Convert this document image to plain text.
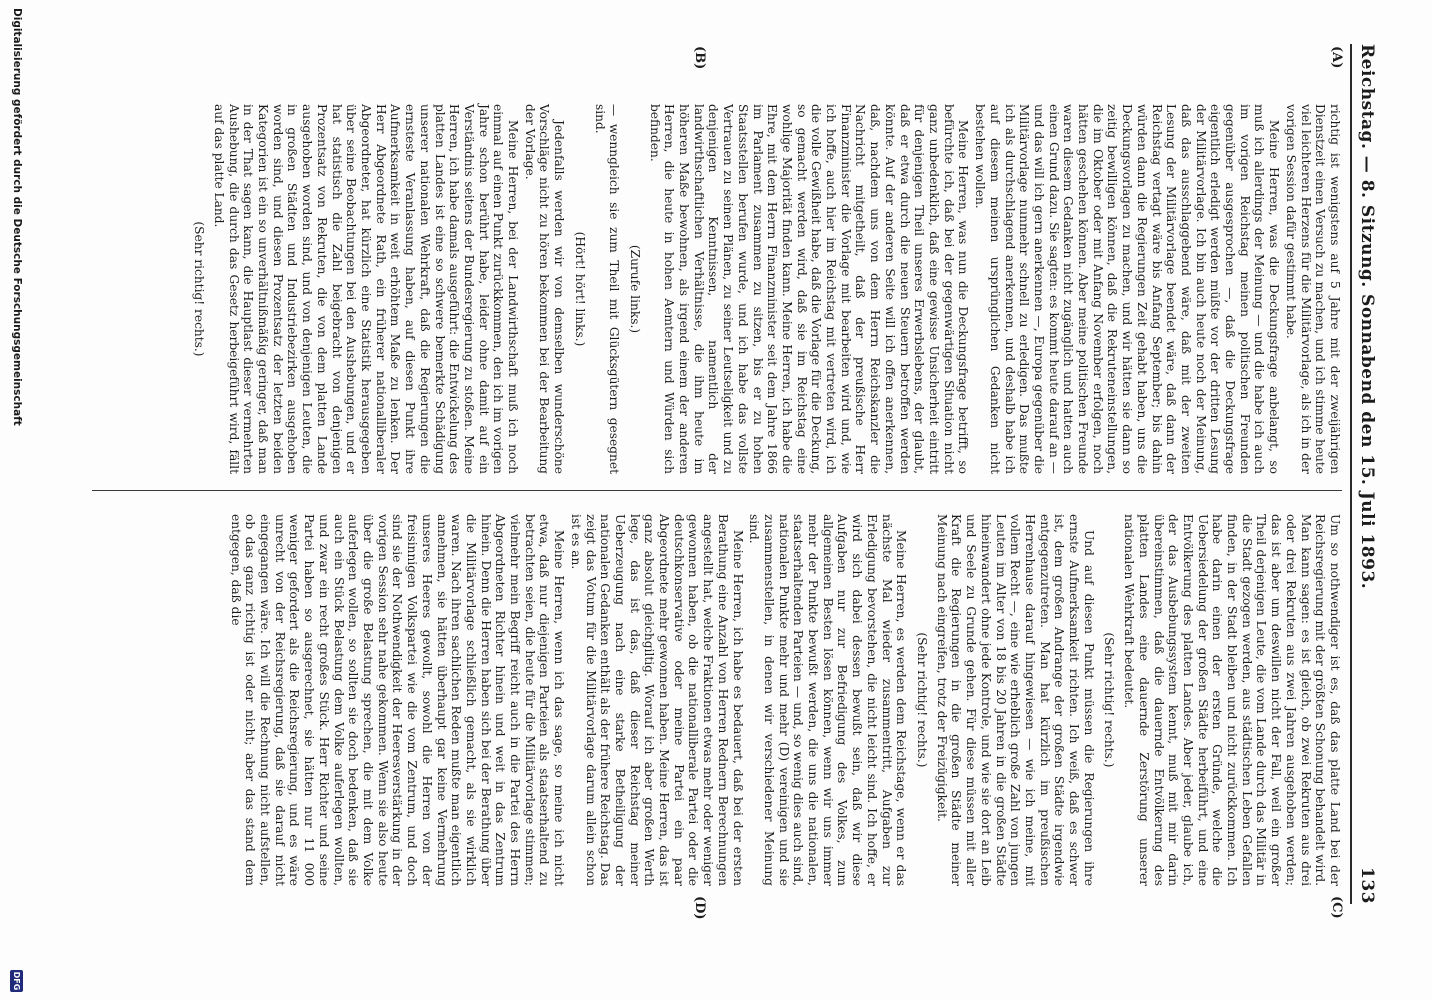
Reichstag. — 8. Sitzung. Sonnabend den 15. Juli 1893.
133
(A)
(B)
(C)
(D)

richtig ist wenigstens auf 5 Jahre mit der zweijährigen Dienstzeit einen Versuch zu machen, und ich stimme heute viel leichteren Herzens für die Militärvorlage, als ich in der vorigen Session dafür gestimmt habe.

Meine Herren, was die Deckungsfrage anbelangt, so muß ich allerdings der Meinung — und die habe ich auch im vorigen Reichstag meinen politischen Freunden gegenüber ausgesprochen —, daß die Deckungsfrage eigentlich erledigt werden müßte vor der dritten Lesung der Militärvorlage. Ich bin auch heute noch der Meinung, daß das ausschlaggebend wäre, daß mit der zweiten Lesung der Militärvorlage beendet wäre, daß dann der Reichstag vertagt wäre bis Anfang September; bis dahin würden dann die Regierungen Zeit gehabt haben, uns die Deckungsvorlagen zu machen, und wir hätten sie dann so zeitig bewilligen können, daß die Rekruteneinstellungen, die im Oktober oder mit Anfang November erfolgen, noch hätten geschehen können. Aber meine politischen Freunde waren diesem Gedanken nicht zugänglich und hatten auch einen Grund dazu. Sie sagten: es kommt heute darauf an — und das will ich gern anerkennen —, Europa gegenüber die Militärvorlage nunmehr schnell zu erledigen. Das mußte ich als durchschlagend anerkennen, und deshalb habe ich auf diesem meinen ursprünglichen Gedanken nicht bestehen wollen.

Meine Herren, was nun die Deckungsfrage betrifft, so befürchte ich, daß bei der gegenwärtigen Situation nicht ganz unbedenklich, daß eine gewisse Unsicherheit eintritt für denjenigen Theil unseres Erwerbslebens, der glaubt, daß er etwa durch die neuen Steuern betroffen werden könnte. Auf der anderen Seite will ich offen anerkennen, daß, nachdem uns von dem Herrn Reichskanzler die Nachricht mitgetheilt, daß der preußische Herr Finanzminister die Vorlage mit bearbeiten wird und, wie ich hoffe, auch hier im Reichstag mit vertreten wird, ich die volle Gewißheit habe, daß die Vorlage für die Deckung, so gemacht werden wird, daß sie im Reichstag eine wohlige Majorität finden kann. Meine Herren, ich habe die Ehre, mit dem Herrn Finanzminister seit dem Jahre 1866 im Parlament zusammen zu sitzen, bis er zu hohen Staatsstellen berufen wurde, und ich habe das vollste Vertrauen zu seinen Plänen, zu seiner Leutseligkeit und zu denjenigen Kenntnissen, namentlich der landwirthschaftlichen Verhältnisse, die ihm heute im höheren Maße bewohnen, als irgend einem der anderen Herren, die heute in hohen Aemtern und Würden sich befinden.

(Zurufe links.)

— wenngleich sie zum Theil mit Glücksgütern gesegnet sind.

(Hört! hört! links.)

Jedenfalls werden wir von demselben wunderschöne Vorschläge nicht zu hören bekommen bei der Bearbeitung der Vorlage.

Meine Herren, bei der Landwirthschaft muß ich noch einmal auf einen Punkt zurückkommen, den ich im vorigen Jahre schon berührt habe, leider ohne damit auf ein Verständnis seitens der Bundesregierung zu stoßen. Meine Herren, ich habe damals ausgeführt: die Entwickelung des platten Landes ist eine so schwere bemerkte Schädigung unserer nationalen Wehrkraft, daß die Regierungen die ernsteste Veranlassung haben, auf diesen Punkt ihre Aufmerksamkeit in weit erhöhtem Maße zu lenken. Der Herr Abgeordnete Rath, ein früherer nationalliberaler Abgeordneter, hat kürzlich eine Statistik herausgegeben über seine Beobachtungen bei den Aushebungen, und er hat statistisch die Zahl beigebracht von denjenigen Prozentsatz von Rekruten, die von dem platten Lande ausgehoben worden sind, und von denjenigen Leuten, die in großen Städten und Industriebezirken ausgehoben worden sind, und diesen Prozentsatz der letzten beiden Kategorien ist ein so unverhältnißmäßig geringer, daß man in der That sagen kann, die Hauptlast dieser vermehrten Aushebung, die durch das Gesetz herbeigeführt wird, fällt auf das platte Land.

(Sehr richtig! rechts.)

Um so nothwendiger ist es, daß das platte Land bei der Reichsregierung mit der größten Schonung behandelt wird. Man kann sagen: es ist gleich, ob zwei Rekruten aus drei oder drei Rekruten aus zwei Jahren ausgehoben werden; das ist aber um deswillen nicht der Fall, weil ein großer Theil derjenigen Leute, die vom Lande durch das Militär in die Stadt gezogen werden, aus städtischen Leben Gefallen finden, in der Stadt bleiben und nicht zurückkommen. Ich habe darin einen der ersten Gründe, welche die Uebersiedelung der großen Städte herbeiführt, und eine Entvölkerung des platten Landes. Aber jeder, glaube ich, der das Ausbebungssystem kennt, muß mit mir darin übereinstimmen, daß die dauernde Entvölkerung des platten Landes eine dauernde Zerstörung unserer nationalen Wehrkraft bedeutet.

(Sehr richtig! rechts.)

Und auf diesen Punkt müssen die Regierungen ihre ernste Aufmerksamkeit richten. Ich weiß, daß es schwer ist, dem großen Andrange der großen Städte irgendwie entgegenzutreten. Man hat kürzlich im preußischen Herrenhause darauf hingewiesen — wie ich meine, mit vollem Recht —, eine wie erheblich große Zahl von jungen Leuten im Alter von 18 bis 20 Jahren in die großen Städte hineinwandert ohne jede Kontrole, und wie sie dort an Leib und Seele zu Grunde gehen. Für diese müssen mit aller Kraft die Regierungen in die großen Städte meiner Meinung nach eingreifen, trotz der Freizügigkeit.

(Sehr richtig! rechts.)

Meine Herren, es werden dem Reichstage, wenn er das nächste Mal wieder zusammentritt, Aufgaben zur Erledigung bevorstehen, die nicht leicht sind. Ich hoffe, er wird sich dabei dessen bewußt sein, daß wir diese Aufgaben nur zur Befriedigung des Volkes, zum allgemeinen Besten lösen können, wenn wir uns immer mehr der Punkte bewußt werden, die uns die nationalen, staatserhaltenden Parteien — und, so wenig dies auch sind, nationalen Punkte mehr und mehr (D) vereinigen und sie zusammenstellen, in denen wir verschiedener Meinung sind.

Meine Herren, ich habe es bedauert, daß bei der ersten Berathung eine Anzahl von Herren Rednern Berechnungen angestellt hat, welche Fraktionen etwas mehr oder weniger gewonnen haben, ob die nationalliberale Partei oder die deutschkonservative oder meine Partei ein paar Abgeordnete mehr gewonnen haben. Meine Herren, das ist ganz absolut gleichgiltig. Worauf ich aber großen Werth lege, das ist das, daß dieser Reichstag meiner Ueberzeugung nach eine starke Betheiligung der nationalen Gedanken enthält als der frühere Reichstag. Das zeigt das Votum für die Militärvorlage darum allein schon ist es an.

Meine Herren, wenn ich das sage, so meine ich nicht etwa, daß nur diejenigen Parteien als staatserhaltend zu betrachten seien, die heute für die Militärvorlage stimmen; vielmehr mein Begriff reicht auch in die Partei des Herrn Abgeordneten Richter hinein und weit in das Zentrum hinein. Denn die Herren haben sich bei der Berathung über die Militärvorlage schließlich gemacht, als sie wirklich waren. Nach ihren sachlichen Reden mußte man eigentlich annehmen, sie hätten überhaupt gar keine Vermehrung unseres Heeres gewollt, sowohl die Herren von der freisinnigen Volkspartei wie die vom Zentrum, und doch sind sie der Nothwendigkeit der Heeresverstärkung in der vorigen Session sehr nahe gekommen. Wenn sie also heute über die große Belastung sprechen, die mit dem Volke auferlegen wollen, so sollten sie doch bedenken, daß sie auch ein Stück Belastung dem Volke auferlegen wollten, und zwar ein recht großes Stück. Herr Richter und seine Partei haben so ausgerechnet, sie hätten nur 11 000 weniger gefordert als die Reichsregierung, und es wäre unrecht von der Reichsregierung, daß sie darauf nicht eingegangen wäre. Ich will die Rechnung nicht aufstellen, ob das ganz richtig ist oder nicht; aber das stand dem entgegen, daß die

Digitalisierung gefördert durch die Deutsche Forschungsgemeinschaft
DFG
